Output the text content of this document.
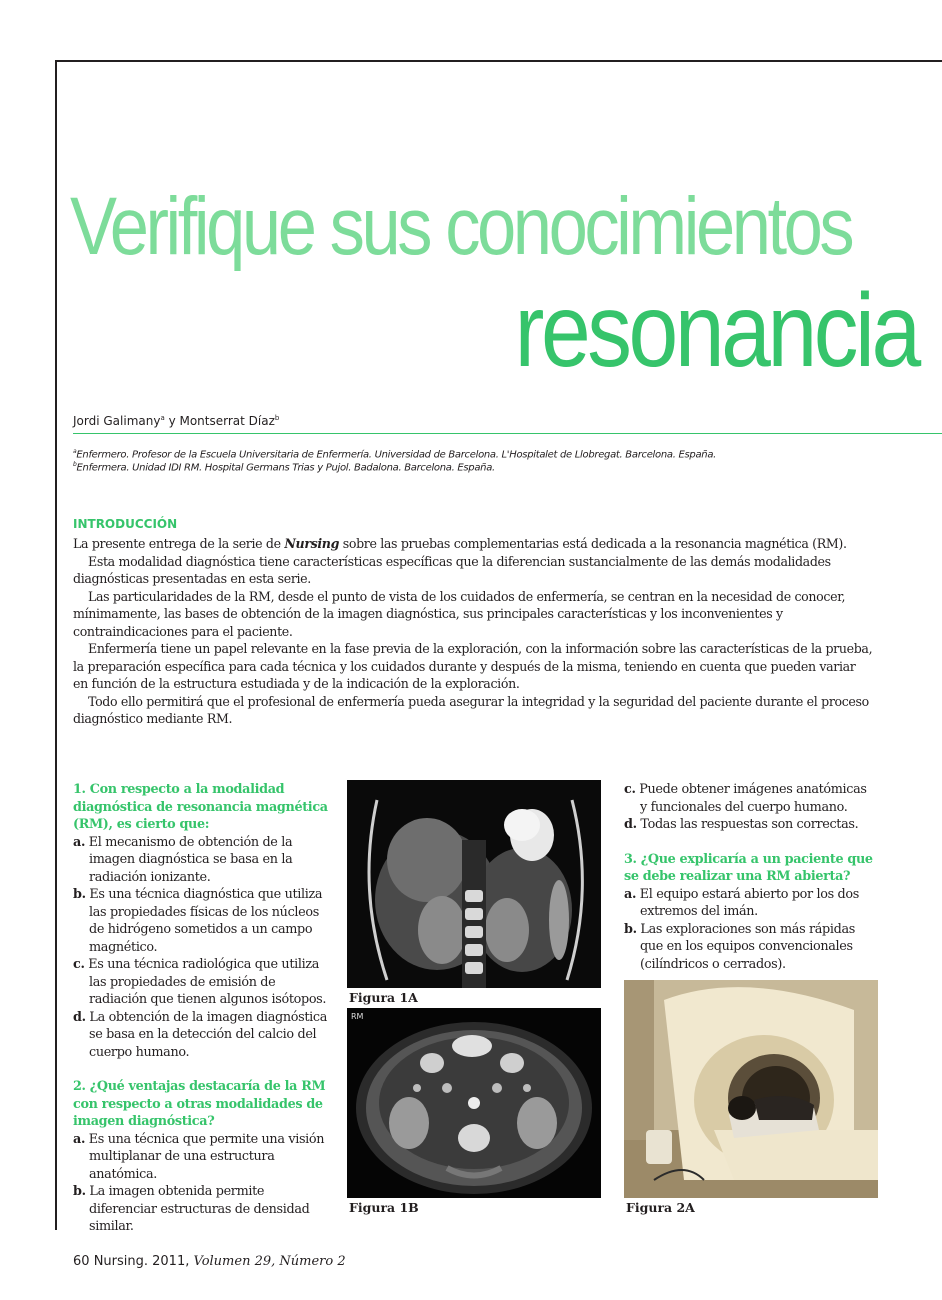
Verifique sus conocimientos
resonancia
Jordi Galimany$^a$ y Montserrat Díaz$^b$
$^a$Enfermero. Profesor de la Escuela Universitaria de Enfermería. Universidad de Barcelona. L'Hospitalet de Llobregat. Barcelona. España.
$^b$Enfermera. Unidad IDI RM. Hospital Germans Trias y Pujol. Badalona. Barcelona. España.
INTRODUCCIÓN

La presente entrega de la serie de Nursing sobre las pruebas complementarias está dedicada a la resonancia magnética (RM).

Esta modalidad diagnóstica tiene características específicas que la diferencian sustancialmente de las demás modalidades diagnósticas presentadas en esta serie.

Las particularidades de la RM, desde el punto de vista de los cuidados de enfermería, se centran en la necesidad de conocer, mínimamente, las bases de obtención de la imagen diagnóstica, sus principales características y los inconvenientes y contraindicaciones para el paciente.

Enfermería tiene un papel relevante en la fase previa de la exploración, con la información sobre las características de la prueba, la preparación específica para cada técnica y los cuidados durante y después de la misma, teniendo en cuenta que pueden variar en función de la estructura estudiada y de la indicación de la exploración.

Todo ello permitirá que el profesional de enfermería pueda asegurar la integridad y la seguridad del paciente durante el proceso diagnóstico mediante RM.

1. Con respecto a la modalidad diagnóstica de resonancia magnética (RM), es cierto que:
a. El mecanismo de obtención de la imagen diagnóstica se basa en la radiación ionizante.
b. Es una técnica diagnóstica que utiliza las propiedades físicas de los núcleos de hidrógeno sometidos a un campo magnético.
c. Es una técnica radiológica que utiliza las propiedades de emisión de radiación que tienen algunos isótopos.
d. La obtención de la imagen diagnóstica se basa en la detección del calcio del cuerpo humano.
2. ¿Qué ventajas destacaría de la RM con respecto a otras modalidades de imagen diagnóstica?
a. Es una técnica que permite una visión multiplanar de una estructura anatómica.
b. La imagen obtenida permite diferenciar estructuras de densidad similar.
Figura 1A
RM
Figura 1B
c. Puede obtener imágenes anatómicas y funcionales del cuerpo humano.
d. Todas las respuestas son correctas.
3. ¿Que explicaría a un paciente que se debe realizar una RM abierta?
a. El equipo estará abierto por los dos extremos del imán.
b. Las exploraciones son más rápidas que en los equipos convencionales (cilíndricos o cerrados).
Figura 2A
60 Nursing. 2011, Volumen 29, Número 2
